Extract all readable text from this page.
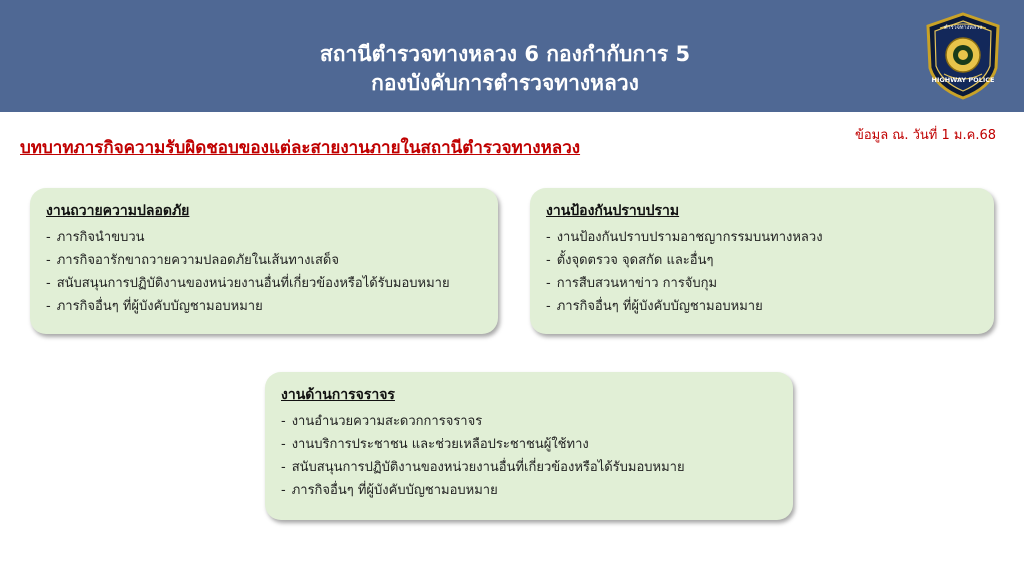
สถานีตำรวจทางหลวง 6 กองกำกับการ 5
กองบังคับการตำรวจทางหลวง
ตำรวจทางหลวง
HIGHWAY POLICE
บทบาทภารกิจความรับผิดชอบของแต่ละสายงานภายในสถานีตำรวจทางหลวง
ข้อมูล ณ. วันที่ 1 ม.ค.68
งานถวายความปลอดภัย
- ภารกิจนำขบวน
- ภารกิจอารักขาถวายความปลอดภัยในเส้นทางเสด็จ
- สนับสนุนการปฏิบัติงานของหน่วยงานอื่นที่เกี่ยวข้องหรือได้รับมอบหมาย
- ภารกิจอื่นๆ ที่ผู้บังคับบัญชามอบหมาย
งานป้องกันปราบปราม
- งานป้องกันปราบปรามอาชญากรรมบนทางหลวง
- ตั้งจุดตรวจ จุดสกัด และอื่นๆ
- การสืบสวนหาข่าว การจับกุม
- ภารกิจอื่นๆ ที่ผู้บังคับบัญชามอบหมาย
งานด้านการจราจร
- งานอำนวยความสะดวกการจราจร
- งานบริการประชาชน และช่วยเหลือประชาชนผู้ใช้ทาง
- สนับสนุนการปฏิบัติงานของหน่วยงานอื่นที่เกี่ยวข้องหรือได้รับมอบหมาย
- ภารกิจอื่นๆ ที่ผู้บังคับบัญชามอบหมาย
